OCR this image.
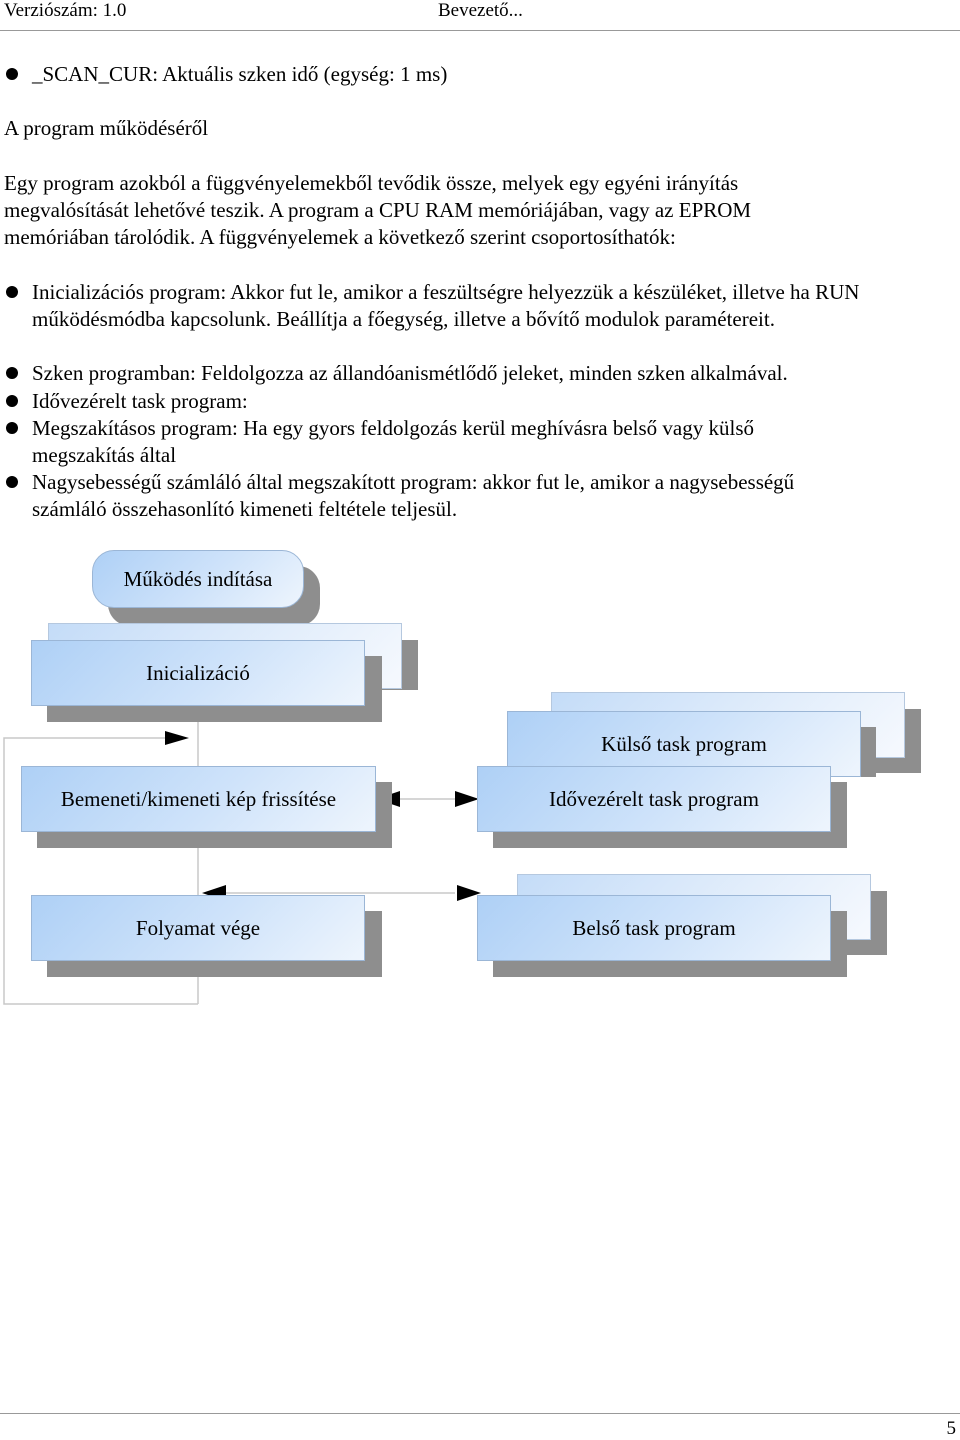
Verziószám: 1.0	Bevezető...
_SCAN_CUR: Aktuális szken idő (egység: 1 ms)
A program működéséről
Egy program azokból a függvényelemekből tevődik össze, melyek egy egyéni irányítás
megvalósítását lehetővé teszik. A program a CPU RAM memóriájában, vagy az EPROM
memóriában tárolódik. A függvényelemek a következő szerint csoportosíthatók:
Inicializációs program: Akkor fut le, amikor a feszültségre helyezzük a készüléket, illetve ha RUN
működésmódba kapcsolunk. Beállítja a főegység, illetve a bővítő modulok paramétereit.
Szken programban: Feldolgozza az állandóanismétlődő jeleket, minden szken alkalmával.
Idővezérelt task program:
Megszakításos program: Ha egy gyors feldolgozás kerül meghívásra belső vagy külső
megszakítás által
Nagysebességű számláló által megszakított program: akkor fut le, amikor a nagysebességű
számláló összehasonlító kimeneti feltétele teljesül.
Működés indítása
Inicializáció
Bemeneti/kimeneti kép frissítése
Folyamat vége
Külső task program
Idővezérelt task program
Belső task program
5
